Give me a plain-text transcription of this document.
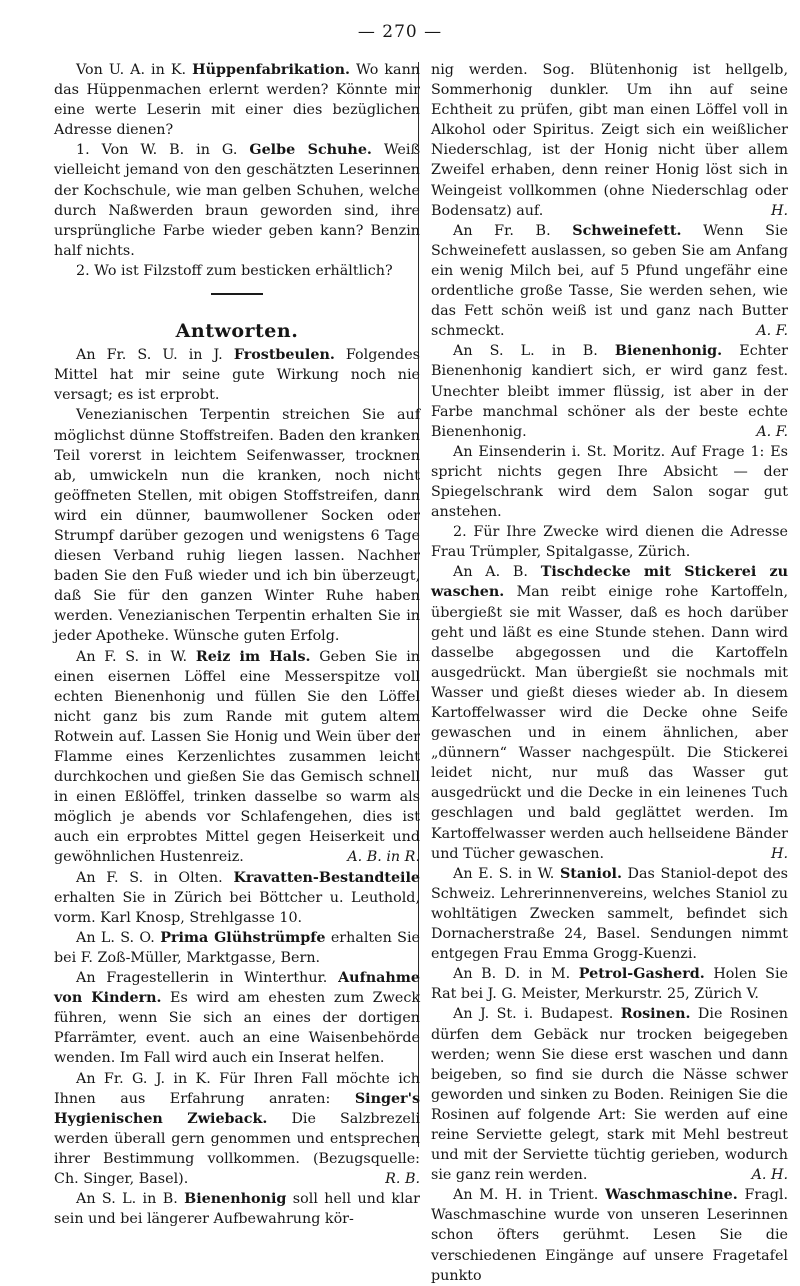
— 270 —

Von U. A. in K. Hüppenfabrikation. Wo kann das Hüppenmachen erlernt werden? Könnte mir eine werte Leserin mit einer dies bezüglichen Adresse dienen?

1. Von W. B. in G. Gelbe Schuhe. Weiß vielleicht jemand von den geschätzten Leserinnen der Kochschule, wie man gelben Schuhen, welche durch Naßwerden braun geworden sind, ihre ursprüngliche Farbe wieder geben kann? Benzin half nichts.

2. Wo ist Filzstoff zum besticken erhältlich?

Antworten.

An Fr. S. U. in J. Frostbeulen. Folgendes Mittel hat mir seine gute Wirkung noch nie versagt; es ist erprobt.

Venezianischen Terpentin streichen Sie auf möglichst dünne Stoffstreifen. Baden den kranken Teil vorerst in leichtem Seifenwasser, trocknen ab, umwickeln nun die kranken, noch nicht geöffneten Stellen, mit obigen Stoffstreifen, dann wird ein dünner, baumwollener Socken oder Strumpf darüber gezogen und wenigstens 6 Tage diesen Verband ruhig liegen lassen. Nachher baden Sie den Fuß wieder und ich bin überzeugt, daß Sie für den ganzen Winter Ruhe haben werden. Venezianischen Terpentin erhalten Sie in jeder Apotheke. Wünsche guten Erfolg.

An F. S. in W. Reiz im Hals. Geben Sie in einen eisernen Löffel eine Messerspitze voll echten Bienenhonig und füllen Sie den Löffel nicht ganz bis zum Rande mit gutem altem Rotwein auf. Lassen Sie Honig und Wein über der Flamme eines Kerzenlichtes zusammen leicht durchkochen und gießen Sie das Gemisch schnell in einen Eßlöffel, trinken dasselbe so warm als möglich je abends vor Schlafengehen, dies ist auch ein erprobtes Mittel gegen Heiserkeit und gewöhnlichen Hustenreiz.	A. B. in R.

An F. S. in Olten. Kravatten-Bestandteile erhalten Sie in Zürich bei Böttcher u. Leuthold, vorm. Karl Knosp, Strehlgasse 10.

An L. S. O. Prima Glühstrümpfe erhalten Sie bei F. Zoß-Müller, Marktgasse, Bern.

An Fragestellerin in Winterthur. Aufnahme von Kindern. Es wird am ehesten zum Zweck führen, wenn Sie sich an eines der dortigen Pfarrämter, event. auch an eine Waisenbehörde wenden. Im Fall wird auch ein Inserat helfen.

An Fr. G. J. in K. Für Ihren Fall möchte ich Ihnen aus Erfahrung anraten: Singer's Hygienischen Zwieback. Die Salzbrezeli werden überall gern genommen und entsprechen ihrer Bestimmung vollkommen. (Bezugsquelle: Ch. Singer, Basel).	R. B.

An S. L. in B. Bienenhonig soll hell und klar sein und bei längerer Aufbewahrung kör-

nig werden. Sog. Blütenhonig ist hellgelb, Sommerhonig dunkler. Um ihn auf seine Echtheit zu prüfen, gibt man einen Löffel voll in Alkohol oder Spiritus. Zeigt sich ein weißlicher Niederschlag, ist der Honig nicht über allem Zweifel erhaben, denn reiner Honig löst sich in Weingeist vollkommen (ohne Niederschlag oder Bodensatz) auf.	H.

An Fr. B. Schweinefett. Wenn Sie Schweinefett auslassen, so geben Sie am Anfang ein wenig Milch bei, auf 5 Pfund ungefähr eine ordentliche große Tasse, Sie werden sehen, wie das Fett schön weiß ist und ganz nach Butter schmeckt.	A. F.

An S. L. in B. Bienenhonig. Echter Bienenhonig kandiert sich, er wird ganz fest. Unechter bleibt immer flüssig, ist aber in der Farbe manchmal schöner als der beste echte Bienenhonig.	A. F.

An Einsenderin i. St. Moritz. Auf Frage 1: Es spricht nichts gegen Ihre Absicht — der Spiegelschrank wird dem Salon sogar gut anstehen.

2. Für Ihre Zwecke wird dienen die Adresse Frau Trümpler, Spitalgasse, Zürich.

An A. B. Tischdecke mit Stickerei zu waschen. Man reibt einige rohe Kartoffeln, übergießt sie mit Wasser, daß es hoch darüber geht und läßt es eine Stunde stehen. Dann wird dasselbe abgegossen und die Kartoffeln ausgedrückt. Man übergießt sie nochmals mit Wasser und gießt dieses wieder ab. In diesem Kartoffelwasser wird die Decke ohne Seife gewaschen und in einem ähnlichen, aber „dünnern“ Wasser nachgespült. Die Stickerei leidet nicht, nur muß das Wasser gut ausgedrückt und die Decke in ein leinenes Tuch geschlagen und bald geglättet werden. Im Kartoffelwasser werden auch hellseidene Bänder und Tücher gewaschen.	H.

An E. S. in W. Staniol. Das Staniol-depot des Schweiz. Lehrerinnenvereins, welches Staniol zu wohltätigen Zwecken sammelt, befindet sich Dornacherstraße 24, Basel. Sendungen nimmt entgegen Frau Emma Grogg-Kuenzi.

An B. D. in M. Petrol-Gasherd. Holen Sie Rat bei J. G. Meister, Merkurstr. 25, Zürich V.

An J. St. i. Budapest. Rosinen. Die Rosinen dürfen dem Gebäck nur trocken beigegeben werden; wenn Sie diese erst waschen und dann beigeben, so find sie durch die Nässe schwer geworden und sinken zu Boden. Reinigen Sie die Rosinen auf folgende Art: Sie werden auf eine reine Serviette gelegt, stark mit Mehl bestreut und mit der Serviette tüchtig gerieben, wodurch sie ganz rein werden.	A. H.

An M. H. in Trient. Waschmaschine. Fragl. Waschmaschine wurde von unseren Leserinnen schon öfters gerühmt. Lesen Sie die verschiedenen Eingänge auf unsere Fragetafel punkto
